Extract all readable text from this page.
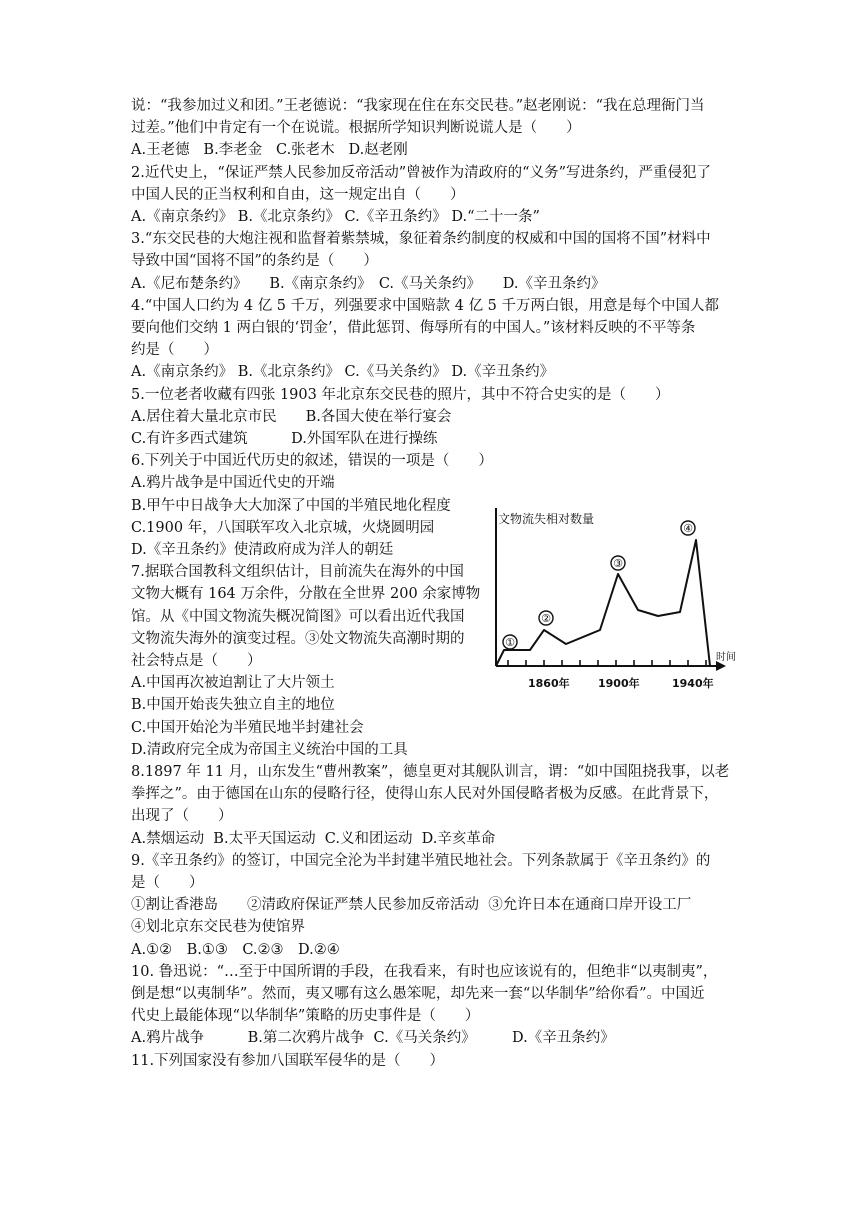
说：“我参加过义和团。”王老德说：“我家现在住在东交民巷。”赵老刚说：“我在总理衙门当
过差。”他们中肯定有一个在说谎。根据所学知识判断说谎人是（　　）
A.王老德   B.李老金   C.张老木   D.赵老刚
2.近代史上，“保证严禁人民参加反帝活动”曾被作为清政府的“义务”写进条约，严重侵犯了
中国人民的正当权利和自由，这一规定出自（　　）
A.《南京条约》 B.《北京条约》 C.《辛丑条约》 D.“二十一条”
3.“东交民巷的大炮注视和监督着紫禁城，象征着条约制度的权威和中国的国将不国”材料中
导致中国“国将不国”的条约是（　　）
A.《尼布楚条约》　　B.《南京条约》　C.《马关条约》　　D.《辛丑条约》
4.“中国人口约为 4 亿 5 千万，列强要求中国赔款 4 亿 5 千万两白银，用意是每个中国人都
要向他们交纳 1 两白银的‘罚金’，借此惩罚、侮辱所有的中国人。”该材料反映的不平等条
约是（　　）
A.《南京条约》 B.《北京条约》 C.《马关条约》 D.《辛丑条约》
5.一位老者收藏有四张 1903 年北京东交民巷的照片，其中不符合史实的是（　　）
A.居住着大量北京市民　　B.各国大使在举行宴会
C.有许多西式建筑　　　D.外国军队在进行操练
6.下列关于中国近代历史的叙述，错误的一项是（　　）
A.鸦片战争是中国近代史的开端
B.甲午中日战争大大加深了中国的半殖民地化程度
C.1900 年，八国联军攻入北京城，火烧圆明园
D.《辛丑条约》使清政府成为洋人的朝廷
7.据联合国教科文组织估计，目前流失在海外的中国
文物大概有 164 万余件，分散在全世界 200 余家博物
馆。从《中国文物流失概况简图》可以看出近代我国
文物流失海外的演变过程。③处文物流失高潮时期的
社会特点是（　　）
A.中国再次被迫割让了大片领土
B.中国开始丧失独立自主的地位
C.中国开始沦为半殖民地半封建社会
D.清政府完全成为帝国主义统治中国的工具
8.1897 年 11 月，山东发生“曹州教案”，德皇更对其舰队训言，谓：“如中国阻挠我事，以老
拳挥之”。由于德国在山东的侵略行径，使得山东人民对外国侵略者极为反感。在此背景下，
出现了（　　）
A.禁烟运动  B.太平天国运动  C.义和团运动  D.辛亥革命
9.《辛丑条约》的签订，中国完全沦为半封建半殖民地社会。下列条款属于《辛丑条约》的
是（　　）
①割让香港岛　　②清政府保证严禁人民参加反帝活动  ③允许日本在通商口岸开设工厂
④划北京东交民巷为使馆界
A.①②　B.①③　C.②③　D.②④
10. 鲁迅说：“…至于中国所谓的手段，在我看来，有时也应该说有的，但绝非“以夷制夷”，
倒是想“以夷制华”。然而，夷又哪有这么愚笨呢，却先来一套“以华制华”给你看”。中国近
代史上最能体现“以华制华”策略的历史事件是（　　）
A.鸦片战争　　　B.第二次鸦片战争  C.《马关条约》　　　D.《辛丑条约》
11.下列国家没有参加八国联军侵华的是（　　）
文物流失相对数量
时间
1860年	1900年	1940年
①
②
③
④
